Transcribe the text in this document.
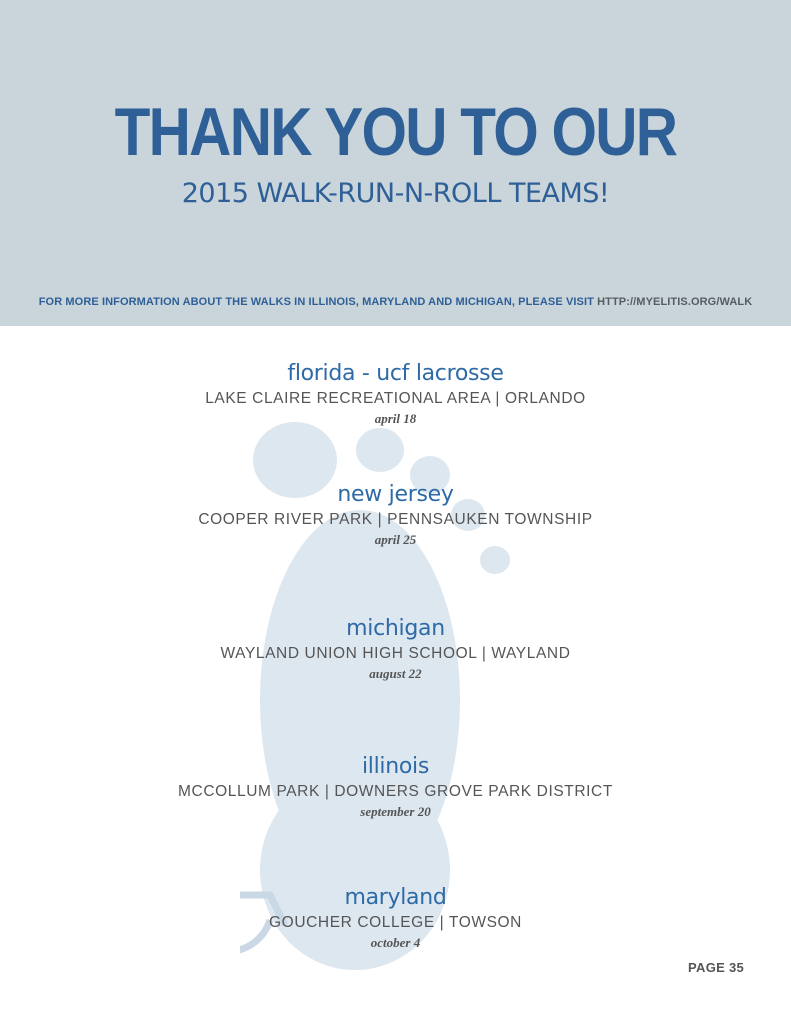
THANK YOU TO OUR
2015 WALK-RUN-N-ROLL TEAMS!
FOR MORE INFORMATION ABOUT THE WALKS IN ILLINOIS, MARYLAND AND MICHIGAN, PLEASE VISIT HTTP://MYELITIS.ORG/WALK
florida - ucf lacrosse
LAKE CLAIRE RECREATIONAL AREA | ORLANDO
april 18
new jersey
COOPER RIVER PARK | PENNSAUKEN TOWNSHIP
april 25
michigan
WAYLAND UNION HIGH SCHOOL | WAYLAND
august 22
illinois
MCCOLLUM PARK | DOWNERS GROVE PARK DISTRICT
september 20
maryland
GOUCHER COLLEGE | TOWSON
october 4
PAGE 35
